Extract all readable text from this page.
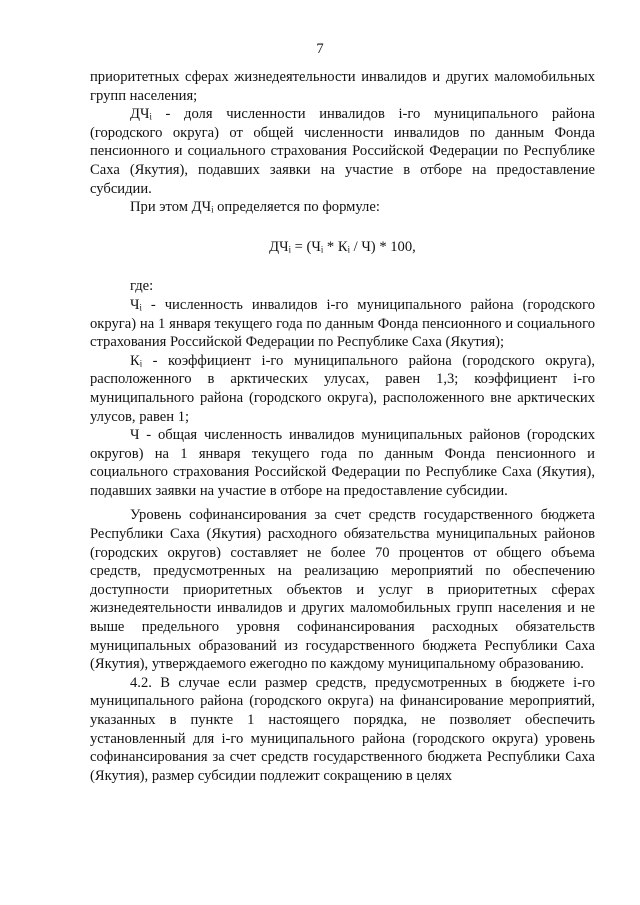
7

приоритетных сферах жизнедеятельности инвалидов и других маломобильных групп населения;

ДЧᵢ - доля численности инвалидов i-го муниципального района (городского округа) от общей численности инвалидов по данным Фонда пенсионного и социального страхования Российской Федерации по Республике Саха (Якутия), подавших заявки на участие в отборе на предоставление субсидии.

При этом ДЧᵢ определяется по формуле:

ДЧᵢ = (Чᵢ * Кᵢ / Ч) * 100,

где:

Чᵢ - численность инвалидов i-го муниципального района (городского округа) на 1 января текущего года по данным Фонда пенсионного и социального страхования Российской Федерации по Республике Саха (Якутия);

Кᵢ - коэффициент i-го муниципального района (городского округа), расположенного в арктических улусах, равен 1,3; коэффициент i-го муниципального района (городского округа), расположенного вне арктических улусов, равен 1;

Ч - общая численность инвалидов муниципальных районов (городских округов) на 1 января текущего года по данным Фонда пенсионного и социального страхования Российской Федерации по Республике Саха (Якутия), подавших заявки на участие в отборе на предоставление субсидии.

Уровень софинансирования за счет средств государственного бюджета Республики Саха (Якутия) расходного обязательства муниципальных районов (городских округов) составляет не более 70 процентов от общего объема средств, предусмотренных на реализацию мероприятий по обеспечению доступности приоритетных объектов и услуг в приоритетных сферах жизнедеятельности инвалидов и других маломобильных групп населения и не выше предельного уровня софинансирования расходных обязательств муниципальных образований из государственного бюджета Республики Саха (Якутия), утверждаемого ежегодно по каждому муниципальному образованию.

4.2. В случае если размер средств, предусмотренных в бюджете i-го муниципального района (городского округа) на финансирование мероприятий, указанных в пункте 1 настоящего порядка, не позволяет обеспечить установленный для i-го муниципального района (городского округа) уровень софинансирования за счет средств государственного бюджета Республики Саха (Якутия), размер субсидии подлежит сокращению в целях
